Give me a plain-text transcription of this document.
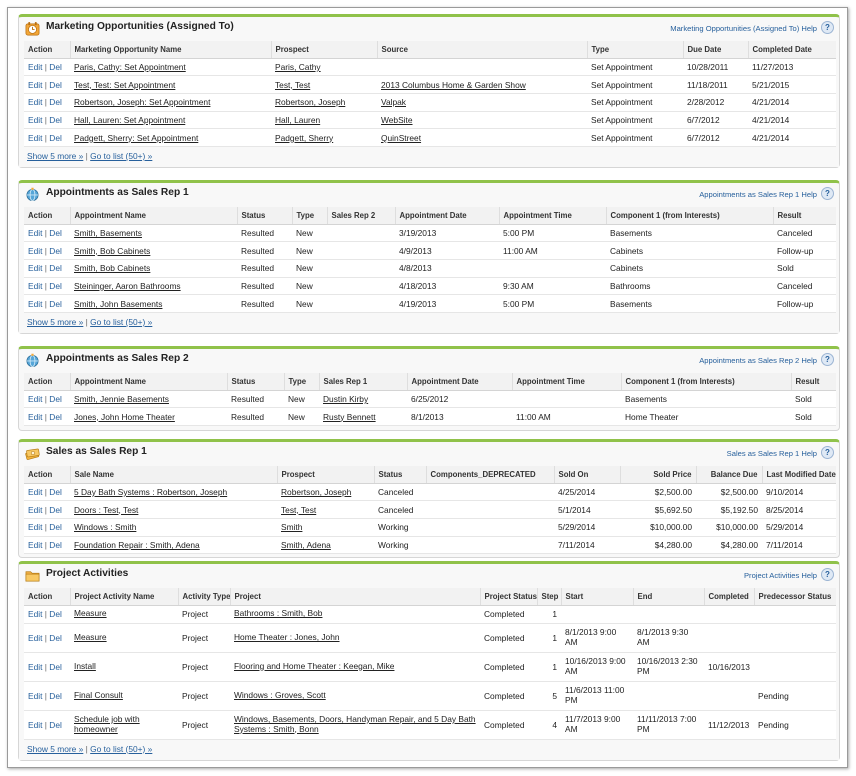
Marketing Opportunities (Assigned To)	Marketing Opportunities (Assigned To) Help	?
Action	Marketing Opportunity Name	Prospect	Source	Type	Due Date	Completed Date
Edit | Del	Paris, Cathy: Set Appointment	Paris, Cathy		Set Appointment	10/28/2011	11/27/2013
Edit | Del	Test, Test: Set Appointment	Test, Test	2013 Columbus Home & Garden Show	Set Appointment	11/18/2011	5/21/2015
Edit | Del	Robertson, Joseph: Set Appointment	Robertson, Joseph	Valpak	Set Appointment	2/28/2012	4/21/2014
Edit | Del	Hall, Lauren: Set Appointment	Hall, Lauren	WebSite	Set Appointment	6/7/2012	4/21/2014
Edit | Del	Padgett, Sherry: Set Appointment	Padgett, Sherry	QuinStreet	Set Appointment	6/7/2012	4/21/2014
Show 5 more » | Go to list (50+) »
Appointments as Sales Rep 1	Appointments as Sales Rep 1 Help	?
Action	Appointment Name	Status	Type	Sales Rep 2	Appointment Date	Appointment Time	Component 1 (from Interests)	Result
Edit | Del	Smith, Basements	Resulted	New		3/19/2013	5:00 PM	Basements	Canceled
Edit | Del	Smith, Bob Cabinets	Resulted	New		4/9/2013	11:00 AM	Cabinets	Follow-up
Edit | Del	Smith, Bob Cabinets	Resulted	New		4/8/2013		Cabinets	Sold
Edit | Del	Steininger, Aaron Bathrooms	Resulted	New		4/18/2013	9:30 AM	Bathrooms	Canceled
Edit | Del	Smith, John Basements	Resulted	New		4/19/2013	5:00 PM	Basements	Follow-up
Show 5 more » | Go to list (50+) »
Appointments as Sales Rep 2	Appointments as Sales Rep 2 Help	?
Action	Appointment Name	Status	Type	Sales Rep 1	Appointment Date	Appointment Time	Component 1 (from Interests)	Result
Edit | Del	Smith, Jennie Basements	Resulted	New	Dustin Kirby	6/25/2012		Basements	Sold
Edit | Del	Jones, John Home Theater	Resulted	New	Rusty Bennett	8/1/2013	11:00 AM	Home Theater	Sold
Sales as Sales Rep 1	Sales as Sales Rep 1 Help	?
Action	Sale Name	Prospect	Status	Components_DEPRECATED	Sold On	Sold Price	Balance Due	Last Modified Date
Edit | Del	5 Day Bath Systems : Robertson, Joseph	Robertson, Joseph	Canceled		4/25/2014	$2,500.00	$2,500.00	9/10/2014
Edit | Del	Doors : Test, Test	Test, Test	Canceled		5/1/2014	$5,692.50	$5,192.50	8/25/2014
Edit | Del	Windows : Smith	Smith	Working		5/29/2014	$10,000.00	$10,000.00	5/29/2014
Edit | Del	Foundation Repair : Smith, Adena	Smith, Adena	Working		7/11/2014	$4,280.00	$4,280.00	7/11/2014
Project Activities	Project Activities Help	?
Action	Project Activity Name	Activity Type	Project	Project Status	Step	Start	End	Completed	Predecessor Status
Edit | Del	Measure	Project	Bathrooms : Smith, Bob	Completed	1				
Edit | Del	Measure	Project	Home Theater : Jones, John	Completed	1	8/1/2013 9:00 AM	8/1/2013 9:30 AM		
Edit | Del	Install	Project	Flooring and Home Theater : Keegan, Mike	Completed	1	10/16/2013 9:00 AM	10/16/2013 2:30 PM	10/16/2013	
Edit | Del	Final Consult	Project	Windows : Groves, Scott	Completed	5	11/6/2013 11:00 PM			Pending
Edit | Del	Schedule job with homeowner	Project	Windows, Basements, Doors, Handyman Repair, and 5 Day Bath Systems : Smith, Bonn	Completed	4	11/7/2013 9:00 AM	11/11/2013 7:00 PM	11/12/2013	Pending
Show 5 more » | Go to list (50+) »
